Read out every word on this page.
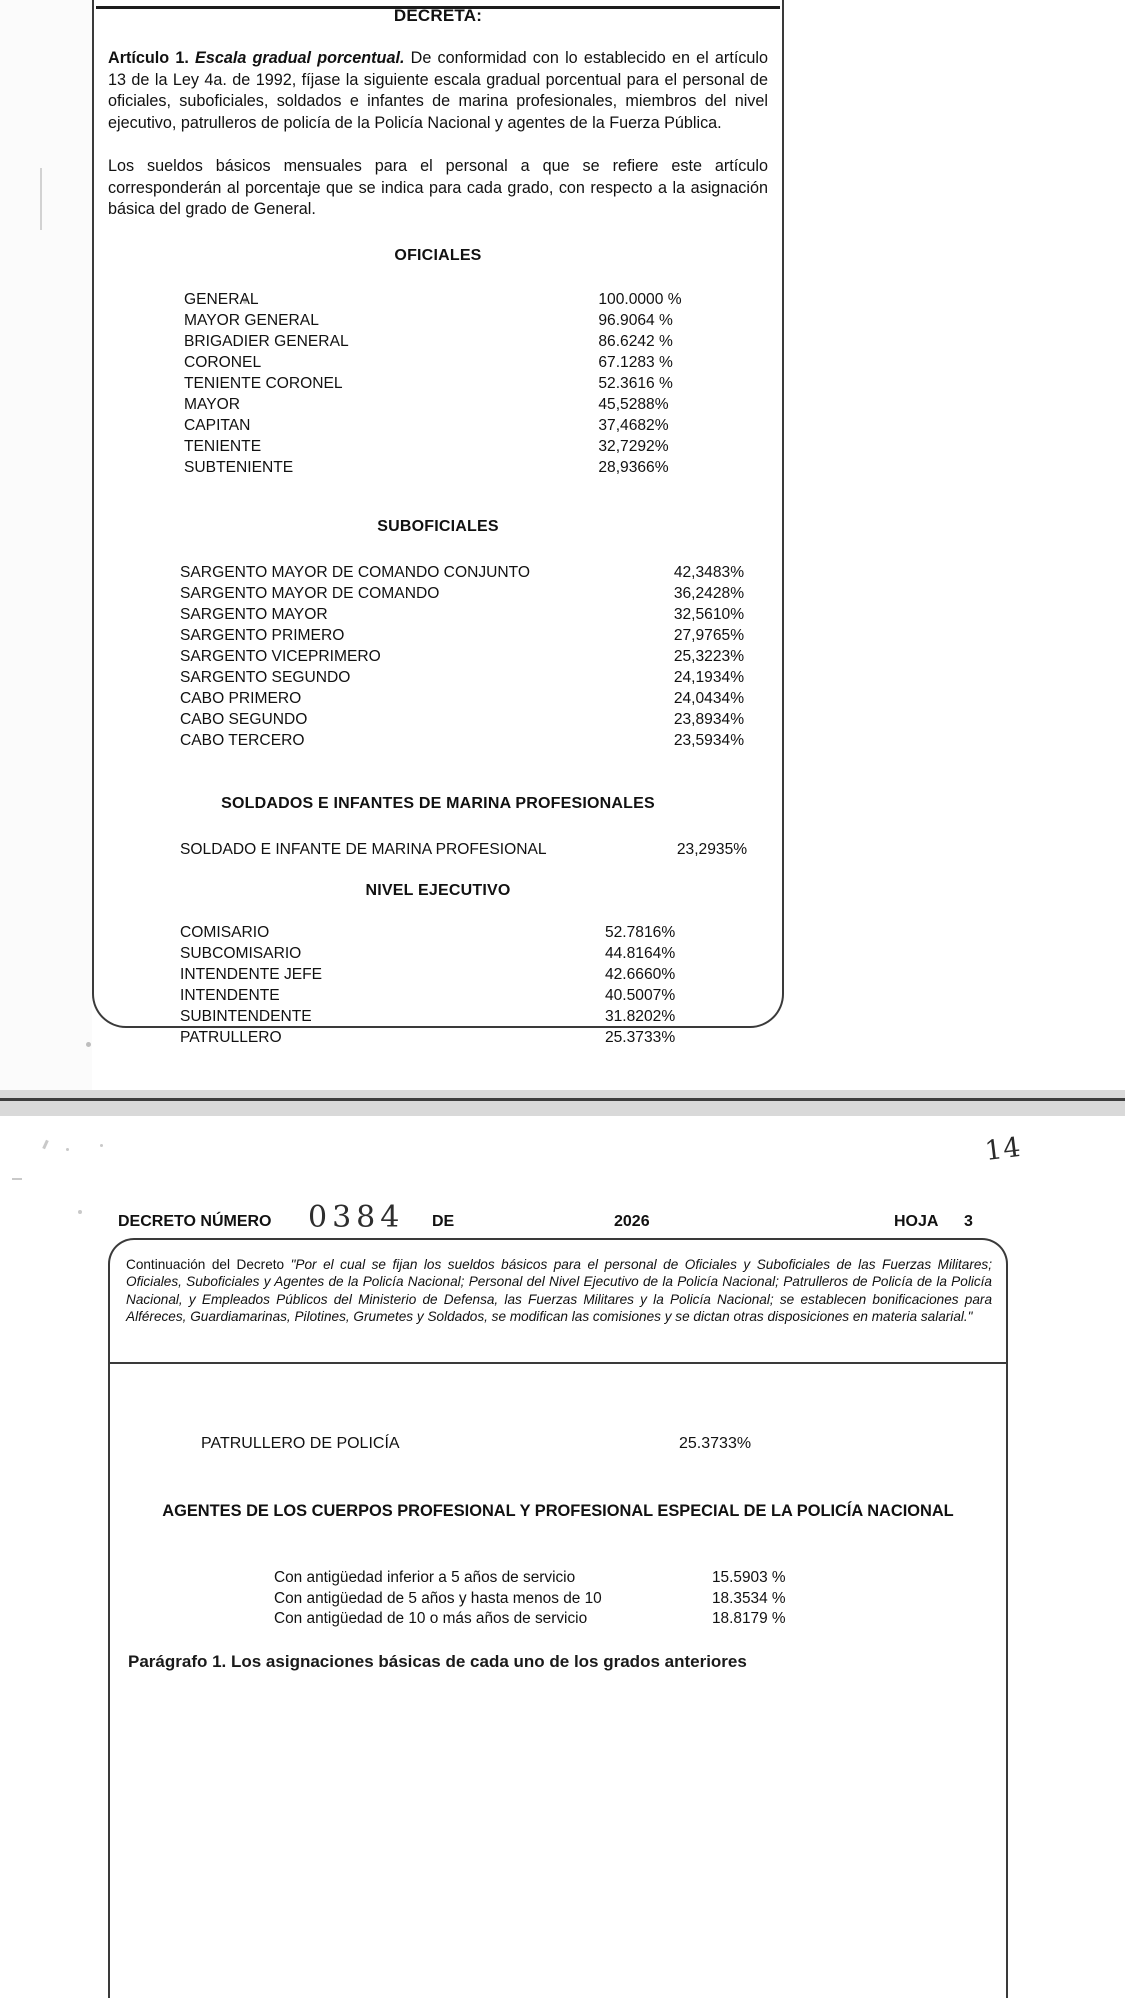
DECRETA:
Artículo 1. Escala gradual porcentual. De conformidad con lo establecido en el artículo 13 de la Ley 4a. de 1992, fíjase la siguiente escala gradual porcentual para el personal de oficiales, suboficiales, soldados e infantes de marina profesionales, miembros del nivel ejecutivo, patrulleros de policía de la Policía Nacional y agentes de la Fuerza Pública.
Los sueldos básicos mensuales para el personal a que se refiere este artículo corresponderán al porcentaje que se indica para cada grado, con respecto a la asignación básica del grado de General.
OFICIALES
GENERAL	100.0000 %
MAYOR GENERAL	96.9064 %
BRIGADIER GENERAL	86.6242 %
CORONEL	67.1283 %
TENIENTE CORONEL	52.3616 %
MAYOR	45,5288%
CAPITAN	37,4682%
TENIENTE	32,7292%
SUBTENIENTE	28,9366%
SUBOFICIALES
SARGENTO MAYOR DE COMANDO CONJUNTO	42,3483%
SARGENTO MAYOR DE COMANDO	36,2428%
SARGENTO MAYOR	32,5610%
SARGENTO PRIMERO	27,9765%
SARGENTO VICEPRIMERO	25,3223%
SARGENTO SEGUNDO	24,1934%
CABO PRIMERO	24,0434%
CABO SEGUNDO	23,8934%
CABO TERCERO	23,5934%
SOLDADOS E INFANTES DE MARINA PROFESIONALES
SOLDADO E INFANTE DE MARINA PROFESIONAL	23,2935%
NIVEL EJECUTIVO
COMISARIO	52.7816%
SUBCOMISARIO	44.8164%
INTENDENTE JEFE	42.6660%
INTENDENTE	40.5007%
SUBINTENDENTE	31.8202%
PATRULLERO	25.3733%
14
DECRETO NÚMERO 0384 DE	2026	HOJA 3
Continuación del Decreto "Por el cual se fijan los sueldos básicos para el personal de Oficiales y Suboficiales de las Fuerzas Militares; Oficiales, Suboficiales y Agentes de la Policía Nacional; Personal del Nivel Ejecutivo de la Policía Nacional; Patrulleros de Policía de la Policía Nacional, y Empleados Públicos del Ministerio de Defensa, las Fuerzas Militares y la Policía Nacional; se establecen bonificaciones para Alféreces, Guardiamarinas, Pilotines, Grumetes y Soldados, se modifican las comisiones y se dictan otras disposiciones en materia salarial."
	PATRULLERO DE POLICÍA	25.3733%
AGENTES DE LOS CUERPOS PROFESIONAL Y PROFESIONAL ESPECIAL DE LA POLICÍA NACIONAL
	Con antigüedad inferior a 5 años de servicio	15.5903 %
	Con antigüedad de 5 años y hasta menos de 10	18.3534 %
	Con antigüedad de 10 o más años de servicio	18.8179 %
Parágrafo 1. Los asignaciones básicas de cada uno de los grados anteriores
